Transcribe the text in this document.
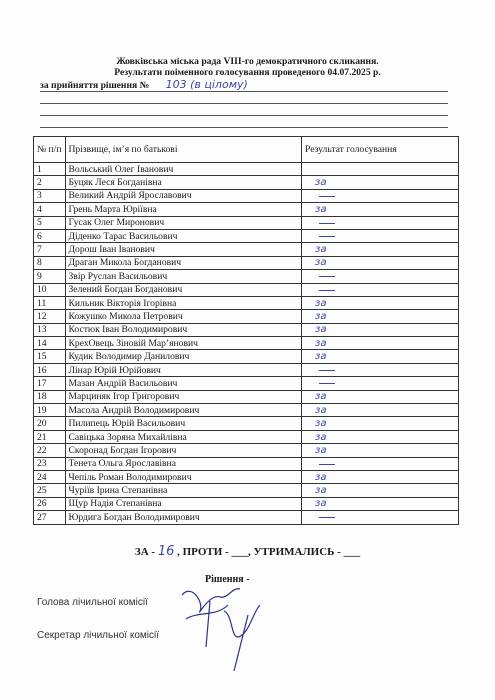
Жовківська міська рада VIII-го демократичного скликання.
Результати поіменного голосування проведеного 04.07.2025 р.
за прийняття рішення № 103 (в цілому)
№ п/п	Прізвище, ім’я по батькові	Результат голосування
1	Вольський Олег Іванович	
2	Буцяк Леся Богданівна	за
3	Великий Андрій Ярославович	
4	Грень Марта Юріївна	за
5	Гусак Олег Миронович	
6	Діденко Тарас Васильович	
7	Дорош Іван Іванович	за
8	Драган Микола Богданович	за
9	Звір Руслан Васильович	
10	Зелений Богдан Богданович	
11	Кильник Вікторія Ігорівна	за
12	Кожушко Микола Петрович	за
13	Костюк Іван Володимирович	за
14	КрехОвець Зіновій Мар’янович	за
15	Кудик Володимир Данилович	за
16	Лінар Юрій Юрійович	
17	Мазан Андрій Васильович	
18	Марциняк Ігор Григорович	за
19	Масола Андрій Володимирович	за
20	Пилипець Юрій Васильович	за
21	Савіцька Зоряна Михайлівна	за
22	Скоронад Богдан Ігорович	за
23	Тенета Ольга Ярославівна	
24	Чепіль Роман Володимирович	за
25	Чуріїв Ірина Степанівна	за
26	Щур Надія Степанівна	за
27	Юрдига Богдан Володимирович	
ЗА - 16 , ПРОТИ - ___, УТРИМАЛИСЬ - ___
Рішення -
Голова лічильної комісії
Секретар лічильної комісії
